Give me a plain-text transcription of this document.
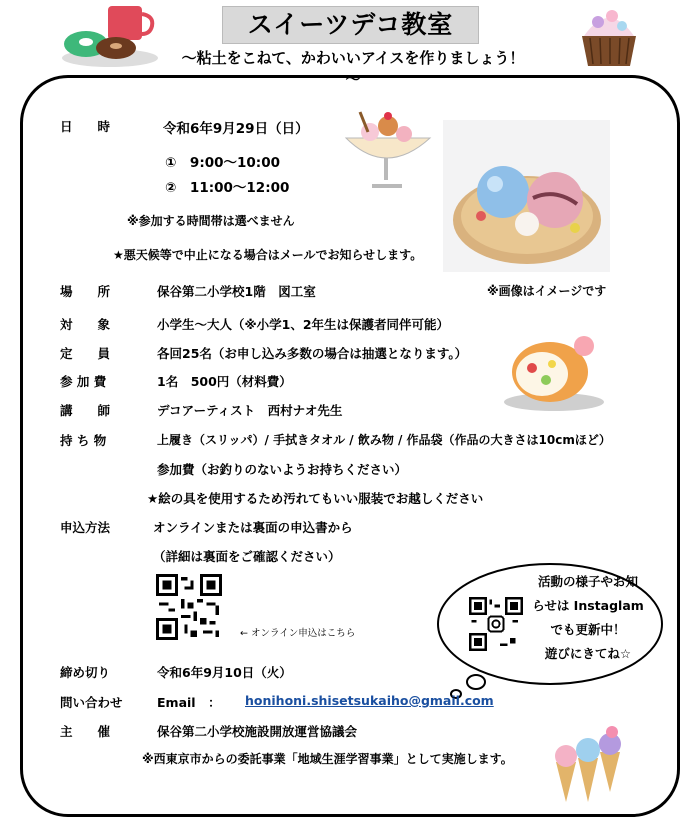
スイーツデコ教室
～粘土をこねて、かわいいアイスを作りましょう！～
日　　時	令和6年9月29日（日）
①　9:00～10:00
②　11:00～12:00
※参加する時間帯は選べません
★悪天候等で中止になる場合はメールでお知らせします。
※画像はイメージです
場　　所	保谷第二小学校1階　図工室
対　　象	小学生～大人（※小学1、2年生は保護者同伴可能）
定　　員	各回25名（お申し込み多数の場合は抽選となります。）
参 加 費	1名　500円（材料費）
講　　師	デコアーティスト　西村ナオ先生
持 ち 物	上履き（スリッパ）/ 手拭きタオル / 飲み物 / 作品袋（作品の大きさは10cmほど）
参加費（お釣りのないようお持ちください）
★絵の具を使用するため汚れてもいい服装でお越しください
申込方法	オンラインまたは裏面の申込書から
（詳細は裏面をご確認ください）
← オンライン申込はこちら
活動の様子やお知
らせは Instaglam
でも更新中！
遊びにきてね☆
締め切り	令和6年9月10日（火）
問い合わせ	Email　： honihoni.shisetsukaiho@gmail.com
主　　催	保谷第二小学校施設開放運営協議会
※西東京市からの委託事業「地域生涯学習事業」として実施します。
